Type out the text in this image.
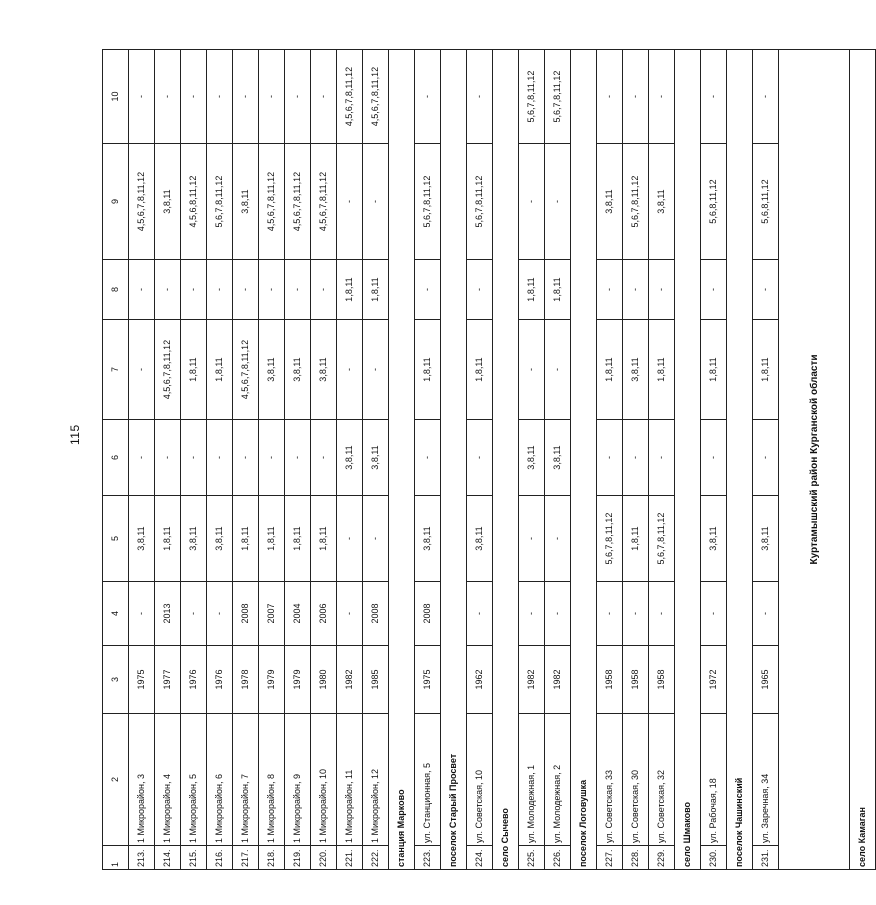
115
1	2	3	4	5	6	7	8	9	10
213.	1 Микрорайон, 3	1975	-	3,8,11	-	-	-	4,5,6,7,8,11,12	-
214.	1 Микрорайон, 4	1977	2013	1,8,11	-	4,5,6,7,8,11,12	-	3,8,11	-
215.	1 Микрорайон, 5	1976	-	3,8,11	-	1,8,11	-	4,5,6,8,11,12	-
216.	1 Микрорайон, 6	1976	-	3,8,11	-	1,8,11	-	5,6,7,8,11,12	-
217.	1 Микрорайон, 7	1978	2008	1,8,11	-	4,5,6,7,8,11,12	-	3,8,11	-
218.	1 Микрорайон, 8	1979	2007	1,8,11	-	3,8,11	-	4,5,6,7,8,11,12	-
219.	1 Микрорайон, 9	1979	2004	1,8,11	-	3,8,11	-	4,5,6,7,8,11,12	-
220.	1 Микрорайон, 10	1980	2006	1,8,11	-	3,8,11	-	4,5,6,7,8,11,12	-
221.	1 Микрорайон, 11	1982	-	-	3,8,11	-	1,8,11	-	4,5,6,7,8,11,12
222.	1 Микрорайон, 12	1985	2008	-	3,8,11	-	1,8,11	-	4,5,6,7,8,11,12
станция Марково									
223.	ул. Станционная, 5	1975	2008	3,8,11	-	1,8,11	-	5,6,7,8,11,12	-
поселок Старый Просвет									
224.	ул. Советская, 10	1962	-	3,8,11	-	1,8,11	-	5,6,7,8,11,12	-
село Сычево									
225.	ул. Молодежная, 1	1982	-	-	3,8,11	-	1,8,11	-	5,6,7,8,11,12
226.	ул. Молодежная, 2	1982	-	-	3,8,11	-	1,8,11	-	5,6,7,8,11,12
поселок Логовушка									
227.	ул. Советская, 33	1958	-	5,6,7,8,11,12	-	1,8,11	-	3,8,11	-
228.	ул. Советская, 30	1958	-	1,8,11	-	3,8,11	-	5,6,7,8,11,12	-
229.	ул. Советская, 32	1958	-	5,6,7,8,11,12	-	1,8,11	-	3,8,11	-
село Шмаково									
230.	ул. Рабочая, 18	1972	-	3,8,11	-	1,8,11	-	5,6,8,11,12	-
поселок Чашинский									
231.	ул. Заречная, 34	1965	-	3,8,11	-	1,8,11	-	5,6,8,11,12	-
Куртамышский район Курганской области									
село Камаган									
